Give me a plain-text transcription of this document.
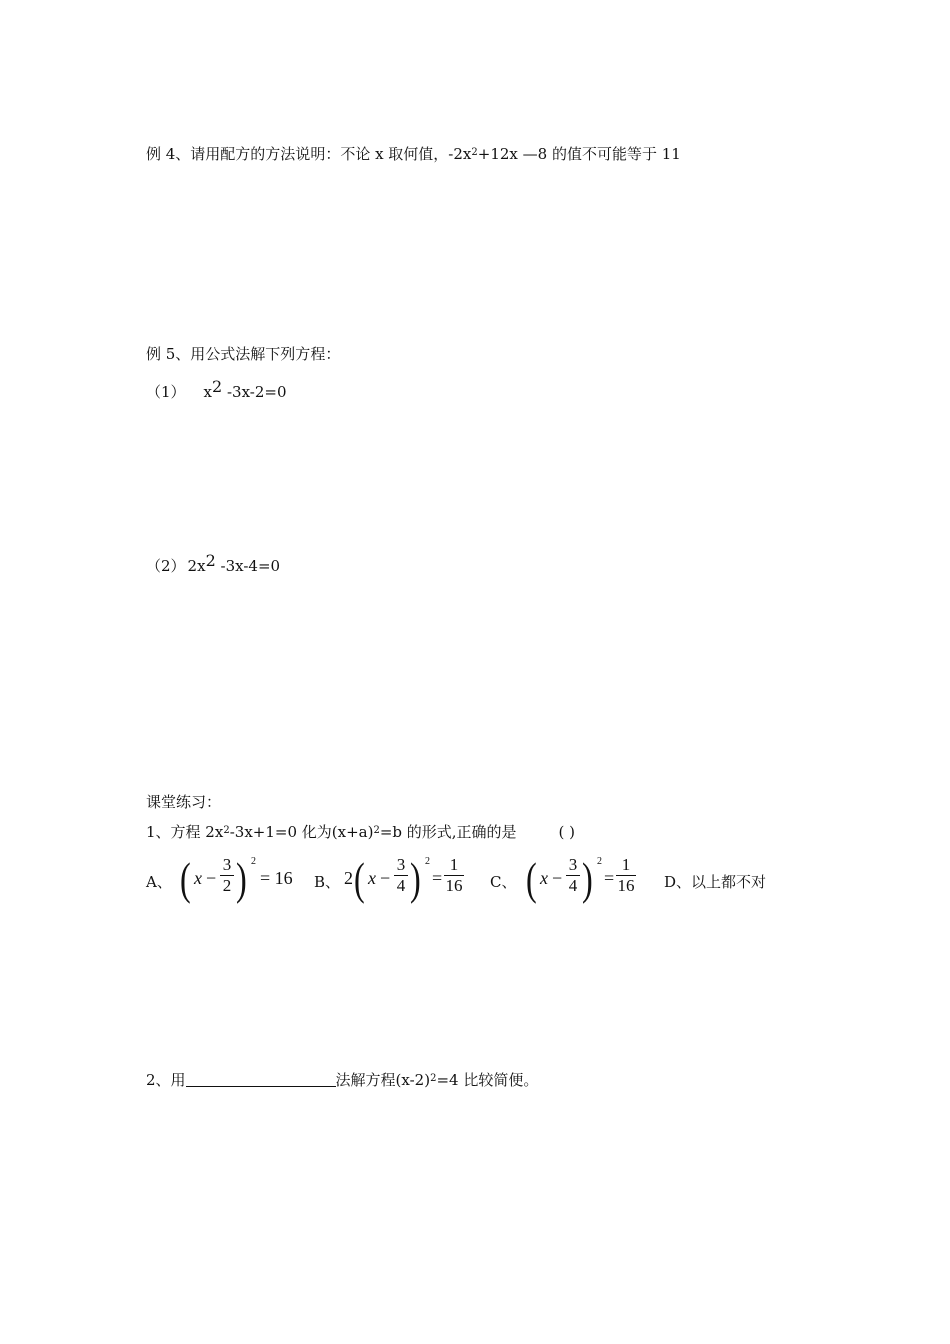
例 4、请用配方的方法说明：不论 x 取何值，$-2x^2+12x$ —8 的值不可能等于 11
例 5、用公式法解下列方程：
（1） $x^2$ -3x-2=0
（2） $2x^2$ -3x-4=0
课堂练习：
1、方程 $2x^2-3x+1=0$ 化为$(x+a)^2=b$ 的形式,正确的是	( )
A、 ( x −
3
2 ) 2
= 16 B、 2 ( x −
3
4 ) 2
=
1
16 C、 ( x −
3
4 ) 2
=
1
16 D、以上都不对
2、用	法解方程$(x-2)^2=4$ 比较简便。
